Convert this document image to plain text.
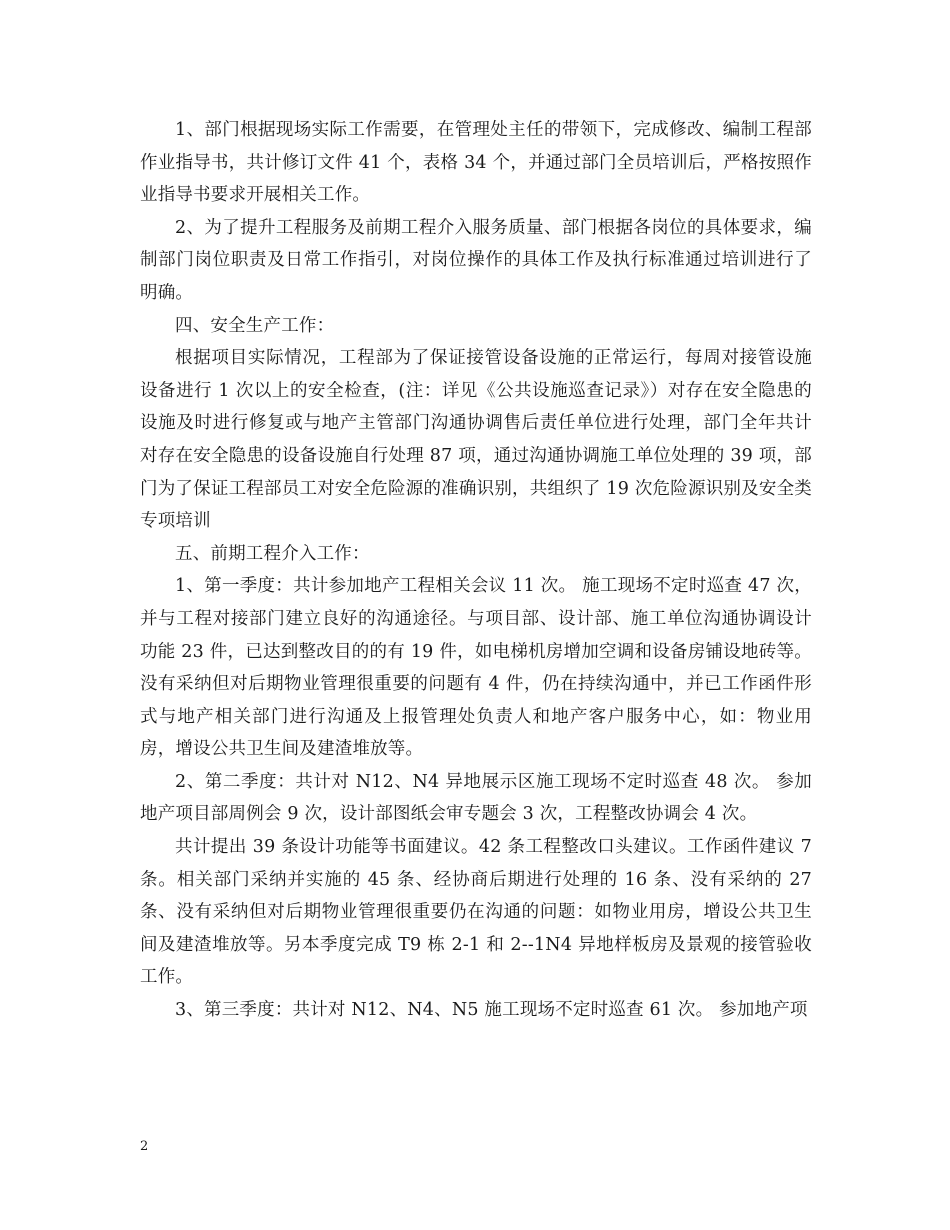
1、部门根据现场实际工作需要，在管理处主任的带领下，完成修改、编制工程部作业指导书，共计修订文件 41 个，表格 34 个，并通过部门全员培训后，严格按照作业指导书要求开展相关工作。

2、为了提升工程服务及前期工程介入服务质量、部门根据各岗位的具体要求，编制部门岗位职责及日常工作指引，对岗位操作的具体工作及执行标准通过培训进行了明确。

四、安全生产工作：

根据项目实际情况，工程部为了保证接管设备设施的正常运行，每周对接管设施设备进行 1 次以上的安全检查，(注：详见《公共设施巡查记录》）对存在安全隐患的设施及时进行修复或与地产主管部门沟通协调售后责任单位进行处理，部门全年共计对存在安全隐患的设备设施自行处理 87 项，通过沟通协调施工单位处理的 39 项，部门为了保证工程部员工对安全危险源的准确识别，共组织了 19 次危险源识别及安全类专项培训

五、前期工程介入工作：

1、第一季度：共计参加地产工程相关会议 11 次。 施工现场不定时巡查 47 次，并与工程对接部门建立良好的沟通途径。与项目部、设计部、施工单位沟通协调设计功能 23 件，已达到整改目的的有 19 件，如电梯机房增加空调和设备房铺设地砖等。没有采纳但对后期物业管理很重要的问题有 4 件，仍在持续沟通中，并已工作函件形式与地产相关部门进行沟通及上报管理处负责人和地产客户服务中心，如：物业用房，增设公共卫生间及建渣堆放等。

2、第二季度：共计对 N12、N4 异地展示区施工现场不定时巡查 48 次。 参加地产项目部周例会 9 次，设计部图纸会审专题会 3 次，工程整改协调会 4 次。

共计提出 39 条设计功能等书面建议。42 条工程整改口头建议。工作函件建议 7 条。相关部门采纳并实施的 45 条、经协商后期进行处理的 16 条、没有采纳的 27 条、没有采纳但对后期物业管理很重要仍在沟通的问题：如物业用房，增设公共卫生间及建渣堆放等。另本季度完成 T9 栋 2-1 和 2--1N4 异地样板房及景观的接管验收工作。

3、第三季度：共计对 N12、N4、N5 施工现场不定时巡查 61 次。 参加地产项

2
